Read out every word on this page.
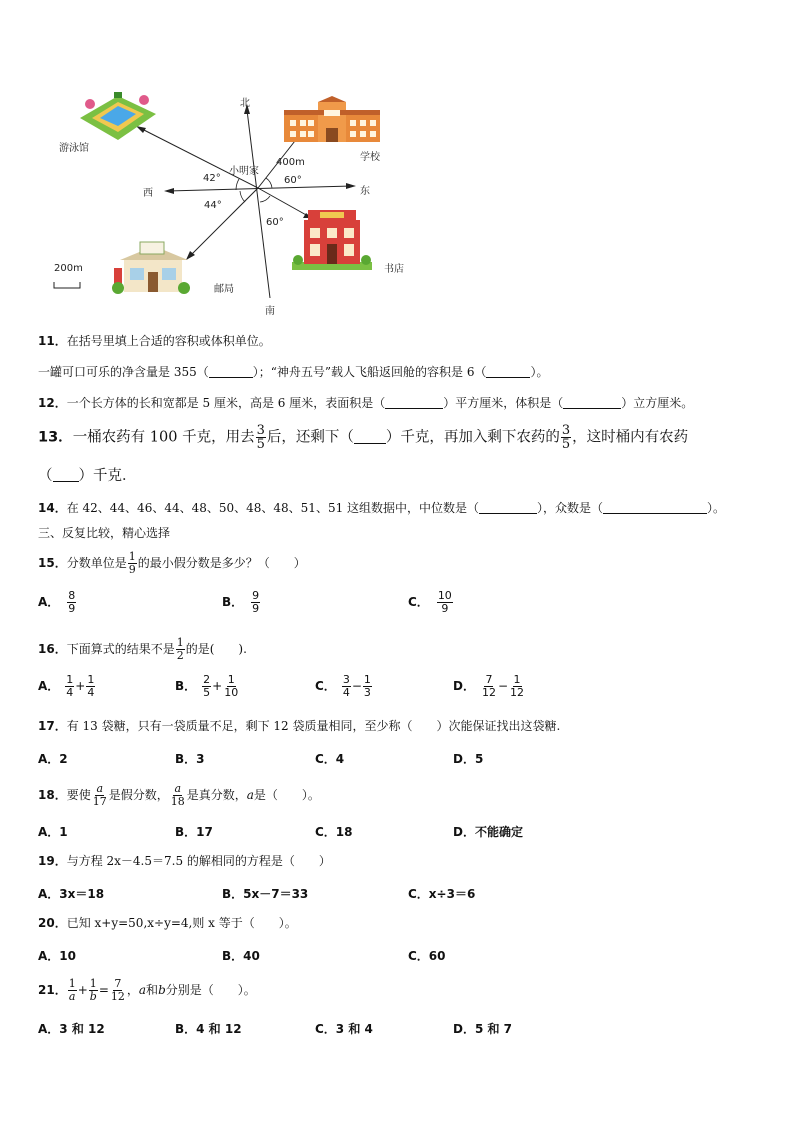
北
南
东
西
小明家
游泳馆
学校
书店
邮局
400m
42°	60°
44°
60°
200m
11．在括号里填上合适的容积或体积单位。
一罐可口可乐的净含量是 355（	）；“神舟五号”载人飞船返回舱的容积是 6（	）。
12．一个长方体的长和宽都是 5 厘米，高是 6 厘米，表面积是（	）平方厘米，体积是（	）立方厘米。
13．一桶农药有 100 千克，用去 $\frac{3}{5}$ 后，还剩下（ ）千克，再加入剩下农药的 $\frac{3}{5}$ ，这时桶内有农药
（ ）千克．
14．在 42、44、46、44、48、50、48、48、51、51 这组数据中，中位数是（	），众数是（	）。
三、反复比较，精心选择
15．分数单位是 $\frac{1}{9}$ 的最小假分数是多少？（　　）
A． $\frac{8}{9}$	B． $\frac{9}{9}$	C． $\frac{10}{9}$
16．下面算式的结果不是 $\frac{1}{2}$ 的是(　　).
A． $\frac{1}{4} + \frac{1}{4}$	B． $\frac{2}{5} + \frac{1}{10}$	C． $\frac{3}{4} - \frac{1}{3}$	D． $\frac{7}{12} - \frac{1}{12}$
17．有 13 袋糖，只有一袋质量不足，剩下 12 袋质量相同，至少称（　　）次能保证找出这袋糖.
A．2	B．3	C．4	D．5
18．要使 $\frac{a}{17}$ 是假分数， $\frac{a}{18}$ 是真分数，a是（　　）。
A．1	B．17	C．18	D．不能确定
19．与方程 2x－4.5＝7.5 的解相同的方程是（　　）
A．3x＝18	B．5x－7＝33	C．x÷3＝6
20．已知 x+y=50,x÷y=4,则 x 等于（　　）。
A．10	B．40	C．60
21． $\frac{1}{a} + \frac{1}{b} = \frac{7}{12}$ ，a和b分别是（　　）。
A．3 和 12	B．4 和 12	C．3 和 4	D．5 和 7
